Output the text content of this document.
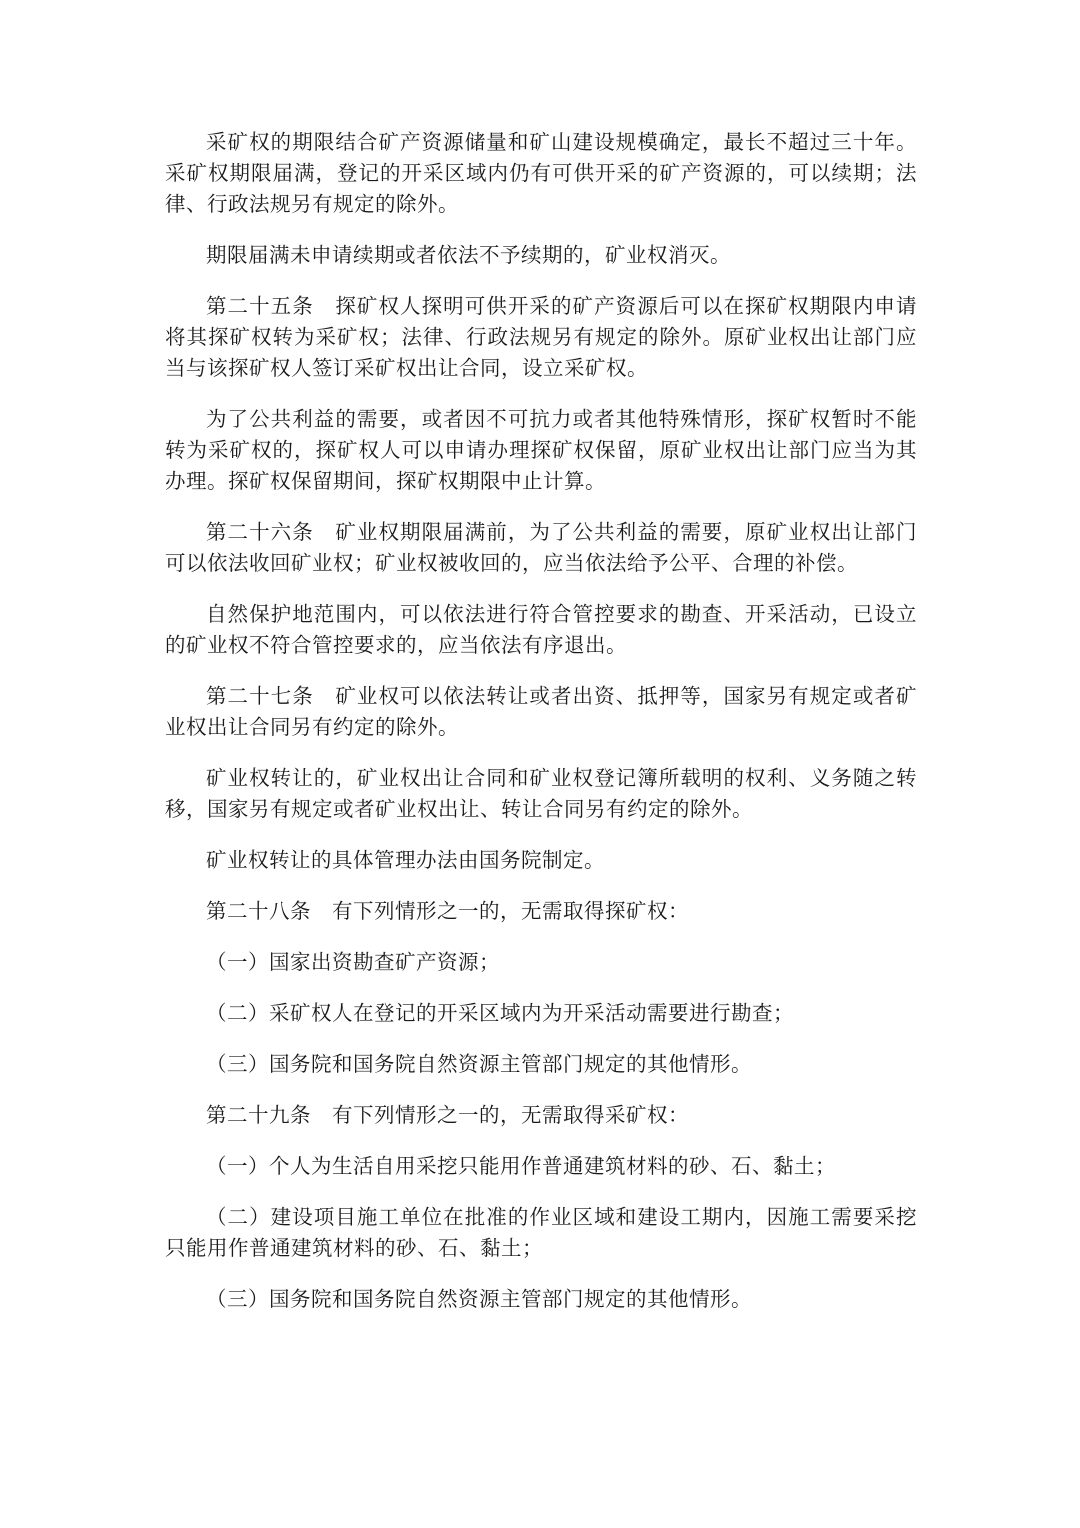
采矿权的期限结合矿产资源储量和矿山建设规模确定，最长不超过三十年。采矿权期限届满，登记的开采区域内仍有可供开采的矿产资源的，可以续期；法律、行政法规另有规定的除外。

期限届满未申请续期或者依法不予续期的，矿业权消灭。

第二十五条　探矿权人探明可供开采的矿产资源后可以在探矿权期限内申请将其探矿权转为采矿权；法律、行政法规另有规定的除外。原矿业权出让部门应当与该探矿权人签订采矿权出让合同，设立采矿权。

为了公共利益的需要，或者因不可抗力或者其他特殊情形，探矿权暂时不能转为采矿权的，探矿权人可以申请办理探矿权保留，原矿业权出让部门应当为其办理。探矿权保留期间，探矿权期限中止计算。

第二十六条　矿业权期限届满前，为了公共利益的需要，原矿业权出让部门可以依法收回矿业权；矿业权被收回的，应当依法给予公平、合理的补偿。

自然保护地范围内，可以依法进行符合管控要求的勘查、开采活动，已设立的矿业权不符合管控要求的，应当依法有序退出。

第二十七条　矿业权可以依法转让或者出资、抵押等，国家另有规定或者矿业权出让合同另有约定的除外。

矿业权转让的，矿业权出让合同和矿业权登记簿所载明的权利、义务随之转移，国家另有规定或者矿业权出让、转让合同另有约定的除外。

矿业权转让的具体管理办法由国务院制定。

第二十八条　有下列情形之一的，无需取得探矿权：

（一）国家出资勘查矿产资源；

（二）采矿权人在登记的开采区域内为开采活动需要进行勘查；

（三）国务院和国务院自然资源主管部门规定的其他情形。

第二十九条　有下列情形之一的，无需取得采矿权：

（一）个人为生活自用采挖只能用作普通建筑材料的砂、石、黏土；

（二）建设项目施工单位在批准的作业区域和建设工期内，因施工需要采挖只能用作普通建筑材料的砂、石、黏土；

（三）国务院和国务院自然资源主管部门规定的其他情形。
